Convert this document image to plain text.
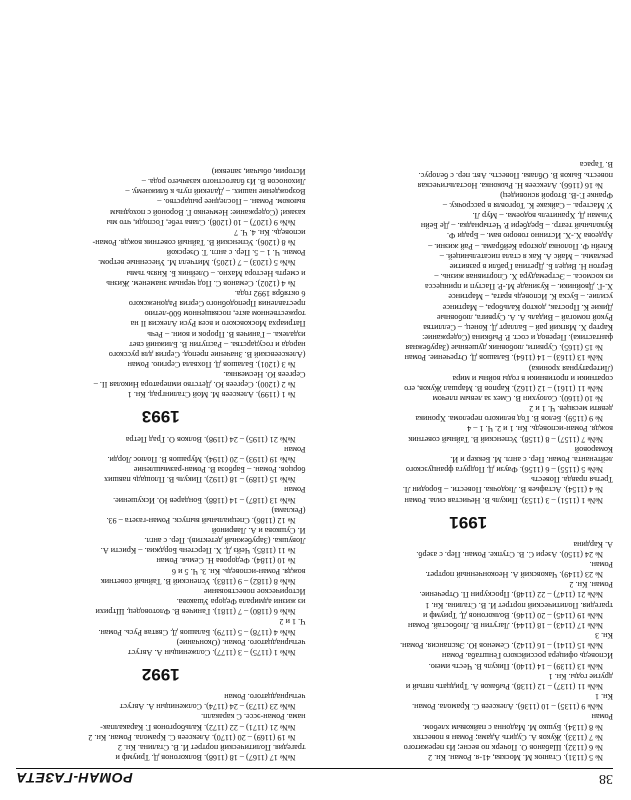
38
РОМАН-ГАЗЕТА

№ 5 (1131). Станюк М. Москва, 41-я. Роман. Кн. 2

№ 6 (1132). Шабанов О. Почерк по весне; Из пережитого

№ 7 (1133). Жуков А. Судить Адама; Роман в повестях

№ 8 (1134). Бушко М. Мадонна с пайковым хлебом.

Роман

№№ 9 (1135) – 10 (1136). Алексеев С. Крамола. Роман.

Кн. 1

№№ 11 (1137) – 12 (1138). Рыбаков А. Тридцать пятый и

другие годы. Кн. 1

№№ 13 (1139) – 14 (1140). Пикуль В. Честь имею.

Исповедь офицера российского Генштаба. Роман

№№ 15 (1141) – 16 (1142). Семенов Ю. Экспансия. Роман.

Кн. 3

№№ 17 (1143) – 18 (1144). Лагутин В. Любостай. Роман

№№ 19 (1145) – 20 (1146). Волкогонов Д. Триумф и

трагедия. Политический портрет И. В. Сталина. Кн. 1

№№ 21 (1147) – 22 (1148). Проскурин П. Отречение.

Роман. Кн. 2

№ 23 (1149). Чаковский А. Неоконченный портрет.

Роман.

№ 24 (1150). Азери С. В. Ступке. Роман. Пер. с азерб.

А. Кардина

1991

№№ 1 (1151) – 3 (1153). Пикуль В. Нечистая сила. Роман

№ 4 (1154). Астафьев В. Людочка. Повести. – Бородин Л.

Третья правда. Повесть

№№ 5 (1155) – 6 (1156). Фаузи Д. Подруга французского

лейтенанта. Роман. Пер. с англ. М. Беккер и И.

Комаровой

№№ 7 (1157) – 8 (1158). Успенский В. Тайный советник

вождя. Роман-исповедь. Кн. 1 и 2. Ч. 1 – 4

№ 9 (1159). Белов В. Год великого перелома. Хроника

девяти месяцев. Ч. 1 и 2

№ 10 (1160). Солоухин В. Смех за левым плечом

№№ 11 (1161) – 12 (1162). Карпов В. Маршал Жуков, его

соратники и противники в годы войны и мира

(Литературная хроника)

№№ 13 (1163) – 14 (1164). Балашов Д. Отречение. Роман

№ 15 (1165). Сурвиги, любовник душевные (Зарубежная

фантастика). Перевод и сост. Р. Рыбкина (Содержание:

Картер Х. Мягкий рай – Балларт Д. Конец. – Селлитва

Рукой помогай – Видаль А. А. Сурвига, любовные

Дикие К. Простак, доктор Кальбора, – Мартинсе

усилие. – Буска К. Исповедь врата, – Мартинсе

Х.-Г. Двойники. – Кузинаде М.-Р. Паступ и принцесса

из космоса. – Эстремадура Х. Спортивная жизнь. –

Бертон Н. Видел Б. Дретина Грабли в развитие

рекламы. – Майс А. Как я стала писательницей. –

Клейн Ф. Полонка доктора Кейбрама. – Рай жизни. –

Ардеова Х.-Х. Истинно говорю вам. – Бради Ф.

Кукольный театр. – Бредбери Р. Четырнадка. – Де Бейн

Ульман Д. Хранитель водоема. – Мур Л.

У. Мастера. – Сайкаке К. Торговля в рассрочку. –

Франке Г.-В. Второй ясновидец)

№ 16 (1166). Алексеев Н. Рыжонка. Ностальгическая

повесть. Быков В. Облава. Повесть. Авт. пер. с белорус.

В. Тараса

№№ 17 (1167) – 18 (1168). Волкогонов Д. Триумф и

трагедия. Политический портрет И. В. Сталина. Кн. 2

№ 19 (1169) – 20 (1170). Алексеев С. Крамола. Роман. Кн. 2

№№ 21 (1171) – 22 (1172). Кальборгонов Г. Каракалпак-

нама. Роман-эссе. С каракалп.

№№ 23 (1173) – 24 (1174). Солженицын А. Август

четырнадцатого. Роман

1992

№№ 1 (1175) – 3 (1177). Солженицын А. Август

четырнадцатого. Роман. (Окончание)

№№ 4 (1178) – 5 (1179). Балашов Д. Святая Русь. Роман.

Ч. 1 и 2

№№ 6 (1180) – 7 (1181). Ганичев В. Флотоводец. Штрихи

из жизни адмирала Федора Ушакова.

Историческое повествование

№№ 8 (1182) – 9 (1183). Успенский В. Тайный советник

вождя. Роман-исповедь. Кн. 3. Ч. 5 и 6

№ 10 (1184). Федорова Н. Семья. Роман

№ 11 (1185). Чейз Д. Х. Перстень Борджиа. – Кристи А.

Ловушка. (Зарубежный детектив). Пер. с англ.

И. Сушкова и А. Лавриной

№ 12 (1186). Специальный выпуск. Роман-газета – 93.

(Реклама)

№№ 13 (1187) – 14 (1188). Бондарев Ю. Искушение.

Роман

№№ 15 (1189) – 18 (1192). Пикуль В. Площадь павших

борцов. Роман. – Барбоза В. Роман-размышление

№№ 19 (1193) – 20 (1194). Мурашов В. Полюс Лорди.

Роман

№№ 21 (1195) – 24 (1198). Волков О. Град Петра

1993

№ 1 (1199). Алексеев М. Мой Сталинград. Кн. 1

№ 2 (1200). Сергеев Ю. Детство императора Николая II. –

Сергеев Ю. Несмеянка.

№ 3 (1201). Балашов Д. Похвала Сергию. Роман

(Алексеевский В. Значение препод. Сергия для русского

народа и государства. – Распутин В. Ближний свет

издалека. – Ганичев В. Пророк и воин. – Речь

Патриарха Московского и всея Руси Алексия II на

торжественном акте, посвященном 600-летию

преставления Преподобного Сергия Радонежского

6 октября 1992 года.

№ 4 (1202). Семанов С. Под черным знаменем. Жизнь

и смерть Нестора Махно. – Олейник Б. Князь тьмы

№№ 5 (1203) – 7 (1205). Митчелл М. Унесенные ветром.

Роман. Ч. 1 – 5. Пер. с англ. Т. Озерской

№ 8 (1206). Успенский В. Тайный советник вождя. Роман-

исповедь. Кн. 4. Ч. 7

№№ 9 (1207) – 10 (1208). Слава тебе, Господи, что мы

казаки! (Содержание: Немченко Г. Вороной с походным

выюком. Роман. – Последнее рыцарство. –

Возрождение наших. – Далекий путь к ближнему. –

Лихоносов В. Из благостного казачьего рода. –

Истории, обычаи, запевки)
